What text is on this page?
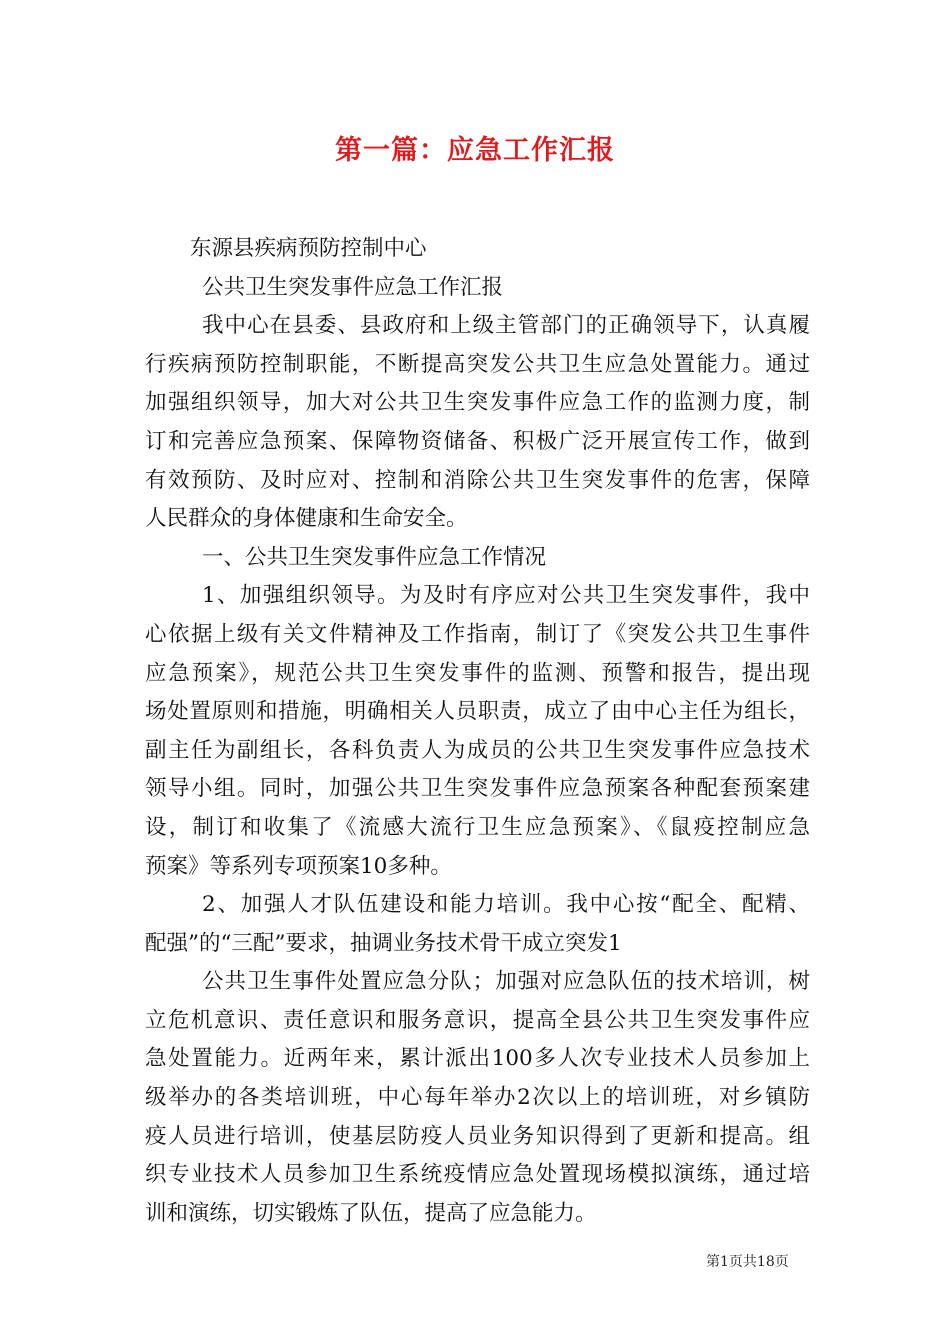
第一篇：应急工作汇报

东源县疾病预防控制中心

公共卫生突发事件应急工作汇报

我中心在县委、县政府和上级主管部门的正确领导下，认真履

行疾病预防控制职能，不断提高突发公共卫生应急处置能力。通过

加强组织领导，加大对公共卫生突发事件应急工作的监测力度，制

订和完善应急预案、保障物资储备、积极广泛开展宣传工作，做到

有效预防、及时应对、控制和消除公共卫生突发事件的危害，保障

人民群众的身体健康和生命安全。

一、公共卫生突发事件应急工作情况

1、加强组织领导。为及时有序应对公共卫生突发事件，我中

心依据上级有关文件精神及工作指南，制订了《突发公共卫生事件

应急预案》，规范公共卫生突发事件的监测、预警和报告，提出现

场处置原则和措施，明确相关人员职责，成立了由中心主任为组长，

副主任为副组长，各科负责人为成员的公共卫生突发事件应急技术

领导小组。同时，加强公共卫生突发事件应急预案各种配套预案建

设，制订和收集了《流感大流行卫生应急预案》、《鼠疫控制应急

预案》等系列专项预案10多种。

2、加强人才队伍建设和能力培训。我中心按“配全、配精、

配强”的“三配”要求，抽调业务技术骨干成立突发1

公共卫生事件处置应急分队；加强对应急队伍的技术培训，树

立危机意识、责任意识和服务意识，提高全县公共卫生突发事件应

急处置能力。近两年来，累计派出100多人次专业技术人员参加上

级举办的各类培训班，中心每年举办2次以上的培训班，对乡镇防

疫人员进行培训，使基层防疫人员业务知识得到了更新和提高。组

织专业技术人员参加卫生系统疫情应急处置现场模拟演练，通过培

训和演练，切实锻炼了队伍，提高了应急能力。

第1页共18页
